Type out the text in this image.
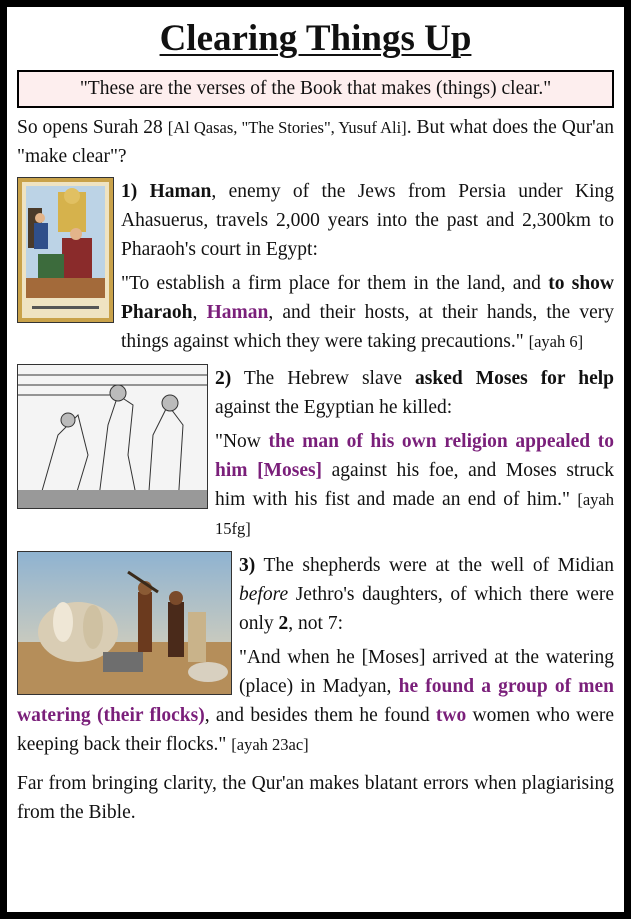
Clearing Things Up
"These are the verses of the Book that makes (things) clear."

So opens Surah 28 [Al Qasas, "The Stories", Yusuf Ali]. But what does the Qur'an "make clear"?

1) Haman, enemy of the Jews from Persia under King Ahasuerus, travels 2,000 years into the past and 2,300km to Pharaoh's court in Egypt:

"To establish a firm place for them in the land, and to show Pharaoh, Haman, and their hosts, at their hands, the very things against which they were taking precautions." [ayah 6]

2) The Hebrew slave asked Moses for help against the Egyptian he killed:

"Now the man of his own religion appealed to him [Moses] against his foe, and Moses struck him with his fist and made an end of him." [ayah 15fg]

3) The shepherds were at the well of Midian before Jethro's daughters, of which there were only 2, not 7:

"And when he [Moses] arrived at the watering (place) in Madyan, he found a group of men watering (their flocks), and besides them he found two women who were keeping back their flocks." [ayah 23ac]

Far from bringing clarity, the Qur'an makes blatant errors when plagiarising from the Bible.
